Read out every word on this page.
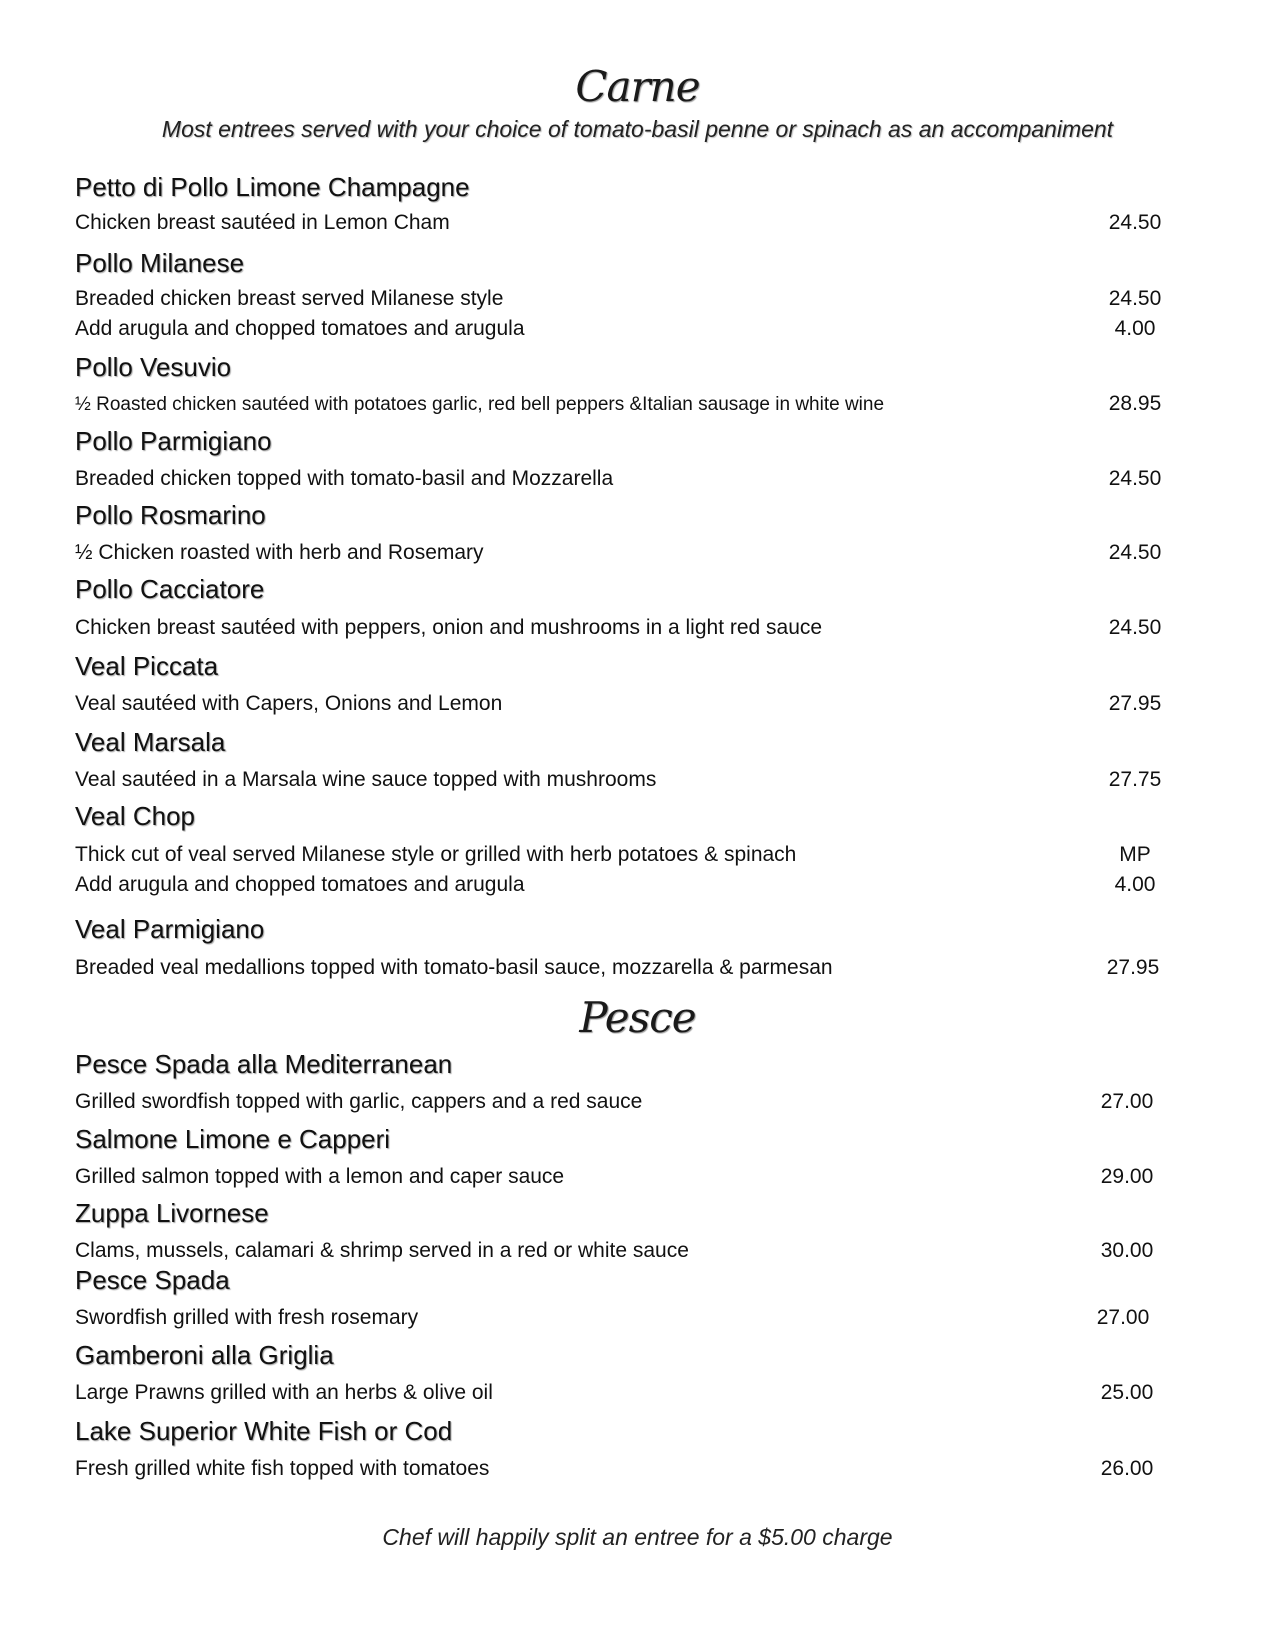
Carne
Most entrees served with your choice of tomato-basil penne or spinach as an accompaniment
Petto di Pollo Limone Champagne
Chicken breast sautéed in Lemon Cham	24.50
Pollo Milanese
Breaded chicken breast served Milanese style	24.50
Add arugula and chopped tomatoes and arugula	4.00
Pollo Vesuvio
½ Roasted chicken sautéed with potatoes garlic, red bell peppers &Italian sausage in white wine	28.95
Pollo Parmigiano
Breaded chicken topped with tomato-basil and Mozzarella	24.50
Pollo Rosmarino
½ Chicken roasted with herb and Rosemary	24.50
Pollo Cacciatore
Chicken breast sautéed with peppers, onion and mushrooms in a light red sauce	24.50
Veal Piccata
Veal sautéed with Capers, Onions and Lemon	27.95
Veal Marsala
Veal sautéed in a Marsala wine sauce topped with mushrooms	27.75
Veal Chop
Thick cut of veal served Milanese style or grilled with herb potatoes & spinach	MP
Add arugula and chopped tomatoes and arugula	4.00
Veal Parmigiano
Breaded veal medallions topped with tomato-basil sauce, mozzarella & parmesan	27.95
Pesce
Pesce Spada alla Mediterranean
Grilled swordfish topped with garlic, cappers and a red sauce	27.00
Salmone Limone e Capperi
Grilled salmon topped with a lemon and caper sauce	29.00
Zuppa Livornese
Clams, mussels, calamari & shrimp served in a red or white sauce	30.00
Pesce Spada
Swordfish grilled with fresh rosemary	27.00
Gamberoni alla Griglia
Large Prawns grilled with an herbs & olive oil	25.00
Lake Superior White Fish or Cod
Fresh grilled white fish topped with tomatoes	26.00
Chef will happily split an entree for a $5.00 charge
